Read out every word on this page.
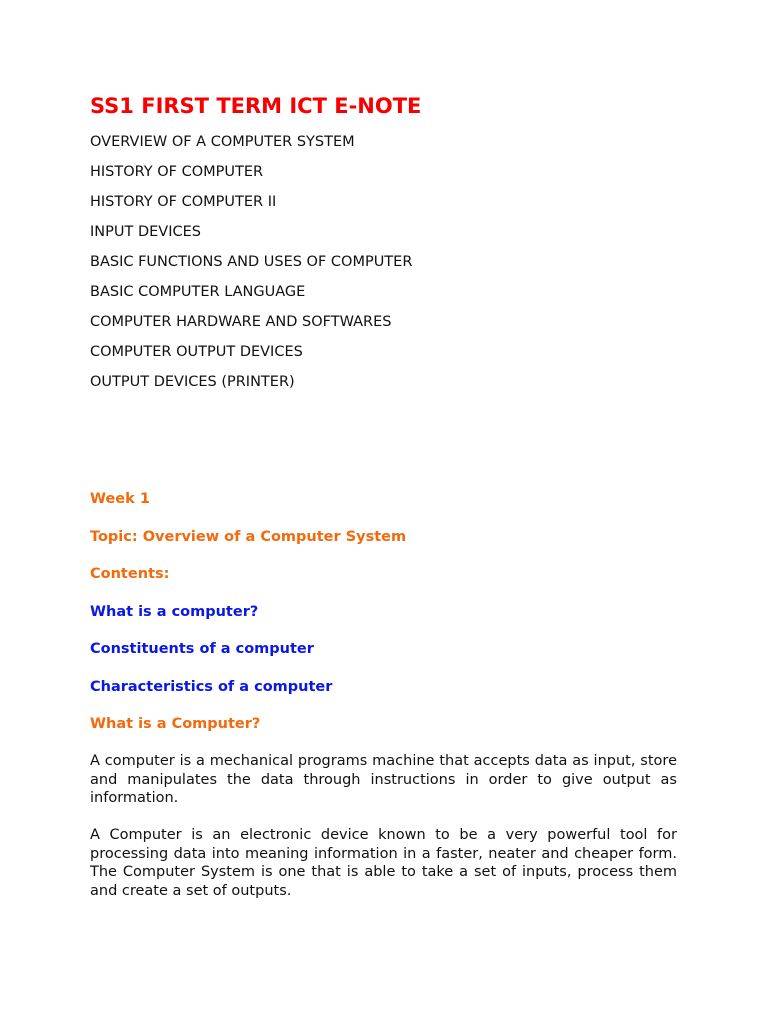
SS1 FIRST TERM ICT E-NOTE
OVERVIEW OF A COMPUTER SYSTEM
HISTORY OF COMPUTER
HISTORY OF COMPUTER II
INPUT DEVICES
BASIC FUNCTIONS AND USES OF COMPUTER
BASIC COMPUTER LANGUAGE
COMPUTER HARDWARE AND SOFTWARES
COMPUTER OUTPUT DEVICES
OUTPUT DEVICES (PRINTER)
Week 1
Topic: Overview of a Computer System
Contents:
What is a computer?
Constituents of a computer
Characteristics of a computer
What is a Computer?

A computer is a mechanical programs machine that accepts data as input, store and manipulates the data through instructions in order to give output as information.

A Computer is an electronic device known to be a very powerful tool for processing data into meaning information in a faster, neater and cheaper form. The Computer System is one that is able to take a set of inputs, process them and create a set of outputs.
